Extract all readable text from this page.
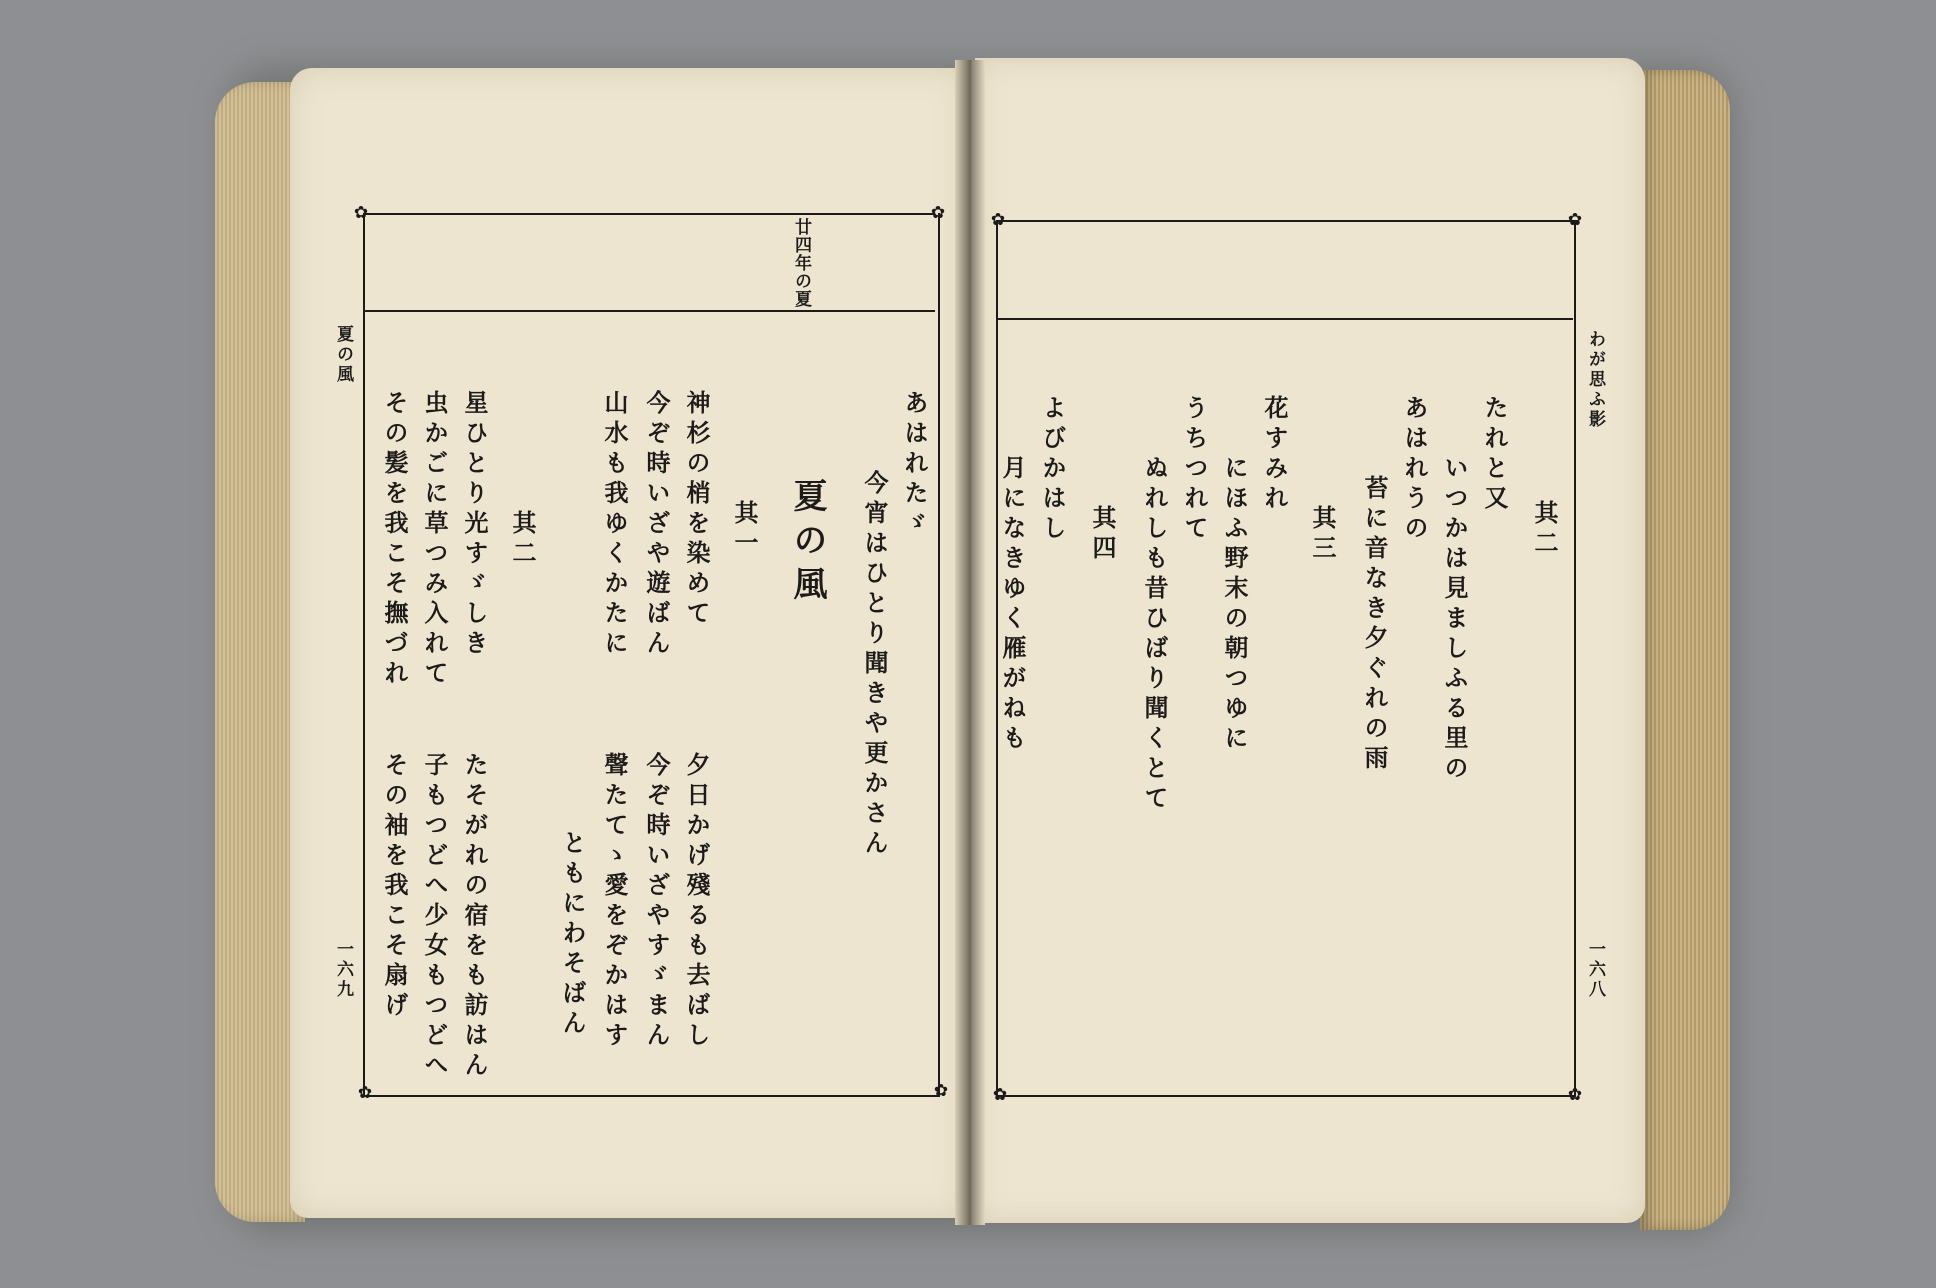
✿	✿
✿	✿
✿	✿
✿	✿
夏の風
廿四年の夏
一六九
あはれたゞ
今宵はひとり聞きや更かさん
夏の風
其一
神杉の梢を染めて
今ぞ時いざや遊ばん
山水も我ゆくかたに
夕日かげ殘るも去ばし
今ぞ時いざやすゞまん
聲たてゝ愛をぞかはす
ともにわそばん
其二
星ひとり光すゞしき
虫かごに草つみ入れて
その髪を我こそ撫づれ
たそがれの宿をも訪はん
子もつどへ少女もつどへ
その袖を我こそ扇げ
わが思ふ影
一六八
其二
たれと又
いつかは見ましふる里の
あはれうの
苔に音なき夕ぐれの雨
其三
花すみれ
にほふ野末の朝つゆに
うちつれて
ぬれしも昔ひばり聞くとて
其四
よびかはし
月になきゆく雁がねも
